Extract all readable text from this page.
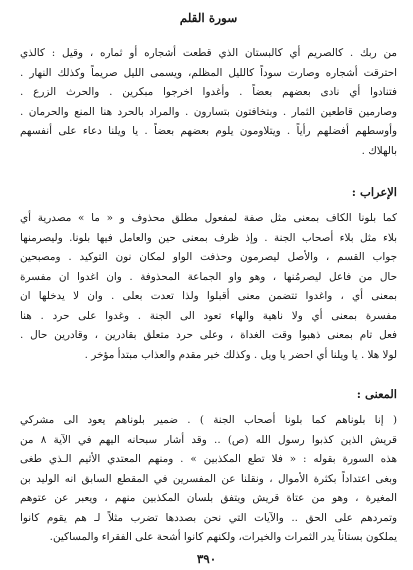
سورة القلم
من ربك . كالصريم أي كالبستان الذي قطعت أشجاره أو ثماره ، وقيل : كالذي
احترقت أشجاره وصارت سوداً كالليل المظلم، ويسمى الليل صريماً وكذلك النهار .
فتنادوا أي نادى بعضهم بعضاً . وأغدوا اخرجوا مبكرين . والحرث الزرع .
وصارمين قاطعين الثمار . وبتخافتون بتسارون . والمراد بالحرد هنا المنع والحرمان .
وأوسطهم أفضلهم رأياً . ويتلاومون يلوم بعضهم بعضاً . يا ويلنا دعاء على أنفسهم
بالهلاك .
الإعراب :
كما بلونا الكاف بمعنى مثل صفة لمفعول مطلق محذوف و « ما » مصدرية أي
بلاء مثل بلاء أصحاب الجنة . وإذ ظرف بمعنى حين والعامل فيها بلونا. وليصرمنها
جواب القسم ، والأصل ليصرمون وحذفت الواو لمكان نون التوكيد . ومصبحين
حال من فاعل ليصرمُنها ، وهو واو الجماعة المحذوفة . وان اغدوا ان مفسرة
بمعنى أي ، واغدوا تتضمن معنى أقبلوا ولذا تعدت بعلى . وان لا يدخلها ان
مفسرة بمعنى أي ولا ناهية والهاء تعود الى الجنة . وغدوا على حرد . هنا
فعل تام بمعنى ذهبوا وقت الغداة ، وعلى حرد متعلق بقادرين ، وقادرين حال .
لولا هلا . يا ويلنا أي احضر يا ويل . وكذلك خبر مقدم والعذاب مبتدأ مؤخر .
المعنى :
( إنا بلوناهم كما بلونا أصحاب الجنة ) . ضمير بلوناهم يعود الى مشركي
قريش الذين كذبوا رسول الله (ص) .. وقد أشار سبحانه اليهم في الآية ٨ من
هذه السورة بقوله : « فلا تطع المكذبين » . ومنهم المعتدي الأثيم الـذي طغى
وبغى اعتداداً بكثرة الأموال ، ونقلنا عن المفسرين في المقطع السابق انه الوليد بن
المغيرة ، وهو من عتاة قريش ويتفق بلسان المكذبين منهم ، ويعبر عن عتوهم
وتمردهم على الحق .. والآيات التي نحن بصددها تضرب مثلاً لـ هم يقوم كانوا
يملكون بستاناً يدر الثمرات والخيرات، ولكنهم كانوا أشحة على الفقراء والمساكين.
٣٩٠
